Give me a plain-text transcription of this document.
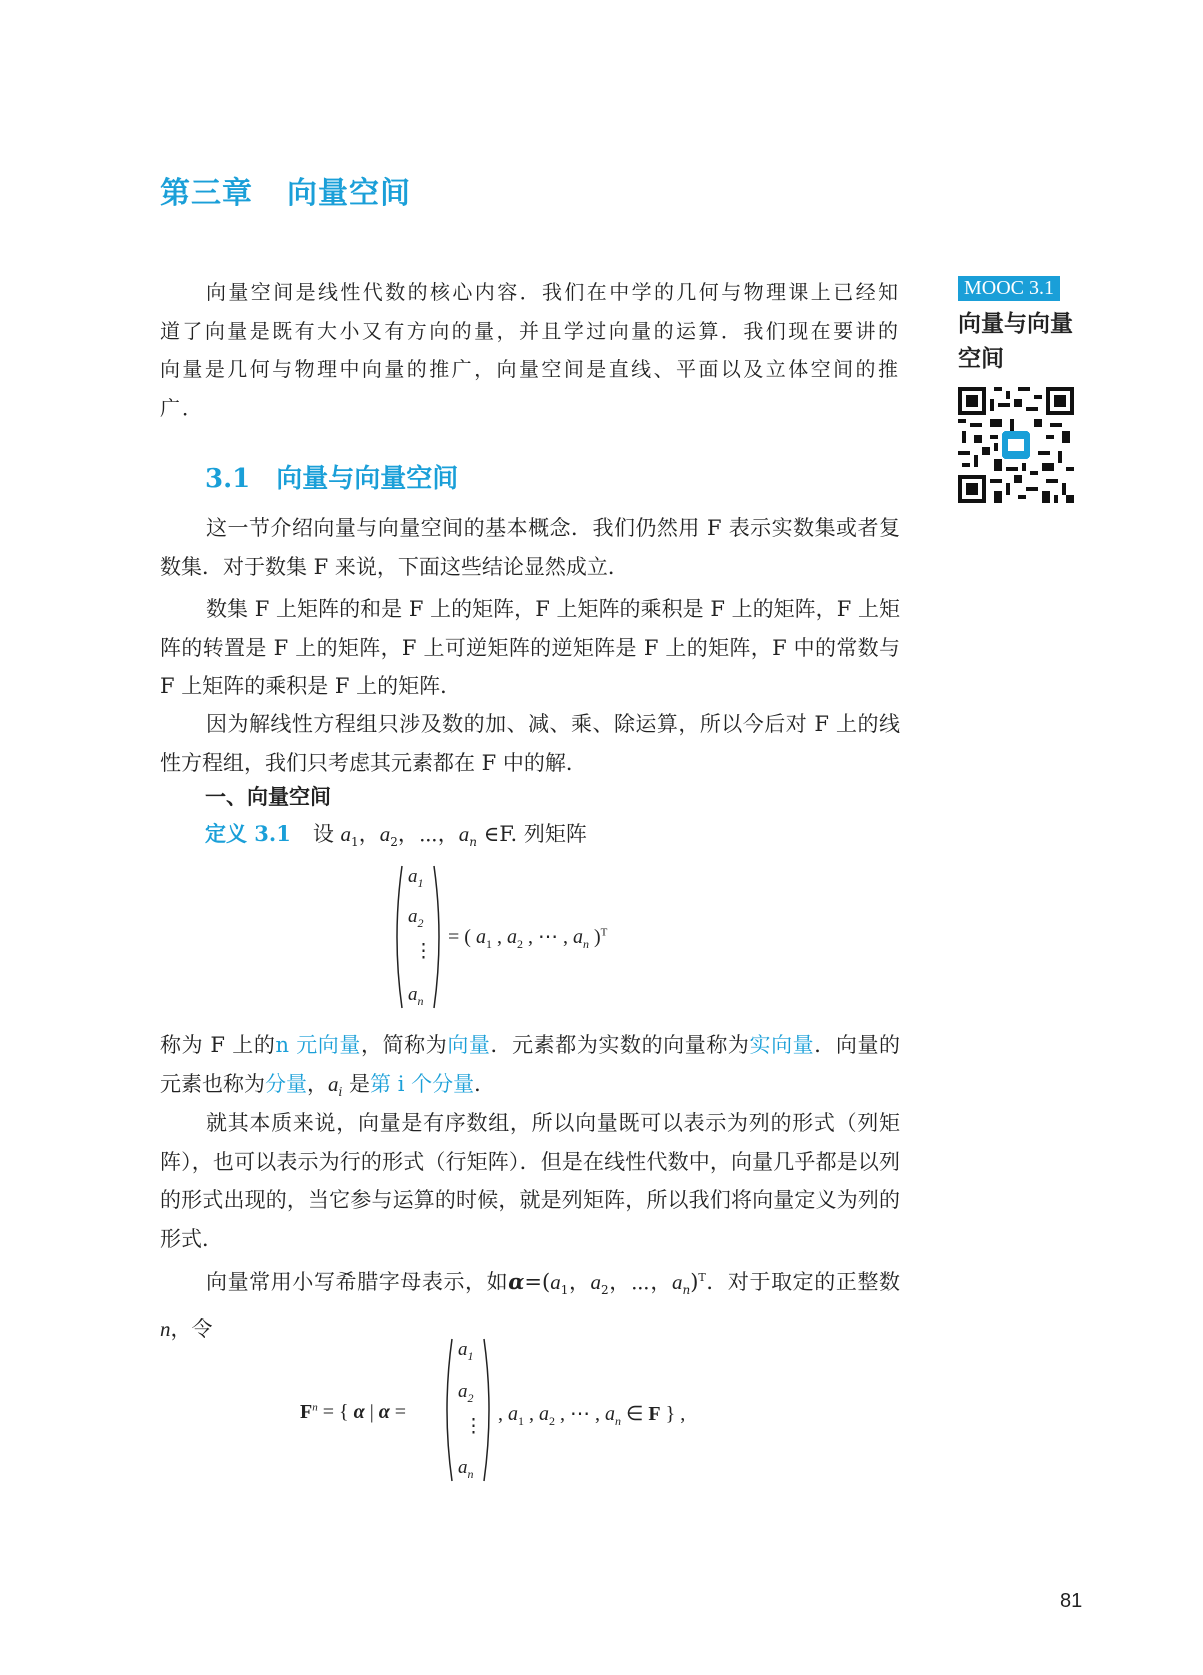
第三章 向量空间

向量空间是线性代数的核心内容．我们在中学的几何与物理课上已经知道了向量是既有大小又有方向的量，并且学过向量的运算．我们现在要讲的向量是几何与物理中向量的推广，向量空间是直线、平面以及立体空间的推广．

MOOC 3.1
向量与向量空间
3.1 向量与向量空间

这一节介绍向量与向量空间的基本概念．我们仍然用 F 表示实数集或者复数集．对于数集 F 来说，下面这些结论显然成立．

数集 F 上矩阵的和是 F 上的矩阵，F 上矩阵的乘积是 F 上的矩阵，F 上矩阵的转置是 F 上的矩阵，F 上可逆矩阵的逆矩阵是 F 上的矩阵，F 中的常数与 F 上矩阵的乘积是 F 上的矩阵．

因为解线性方程组只涉及数的加、减、乘、除运算，所以今后对 F 上的线性方程组，我们只考虑其元素都在 F 中的解．

一、向量空间

定义 3.1 设 $a_1$，$a_2$，⋯，$a_n$ ∈F. 列矩阵

$a_1$
$a_2$
⋮
$a_n$
= ( $a_1$ , $a_2$ , ⋯ , $a_n$ )$^T$

称为 F 上的n 元向量，简称为向量．元素都为实数的向量称为实向量．向量的元素也称为分量，$a_i$ 是第 i 个分量．

就其本质来说，向量是有序数组，所以向量既可以表示为列的形式（列矩阵），也可以表示为行的形式（行矩阵）．但是在线性代数中，向量几乎都是以列的形式出现的，当它参与运算的时候，就是列矩阵，所以我们将向量定义为列的形式．

向量常用小写希腊字母表示，如$\alpha=(a_1$，$a_2$，⋯，$a_n)^T$．对于取定的正整数 n，令

$F^n$ = { α | α =
$a_1$
$a_2$
⋮
$a_n$
, $a_1$ , $a_2$ , ⋯ , $a_n$ ∈ F } ,
81
